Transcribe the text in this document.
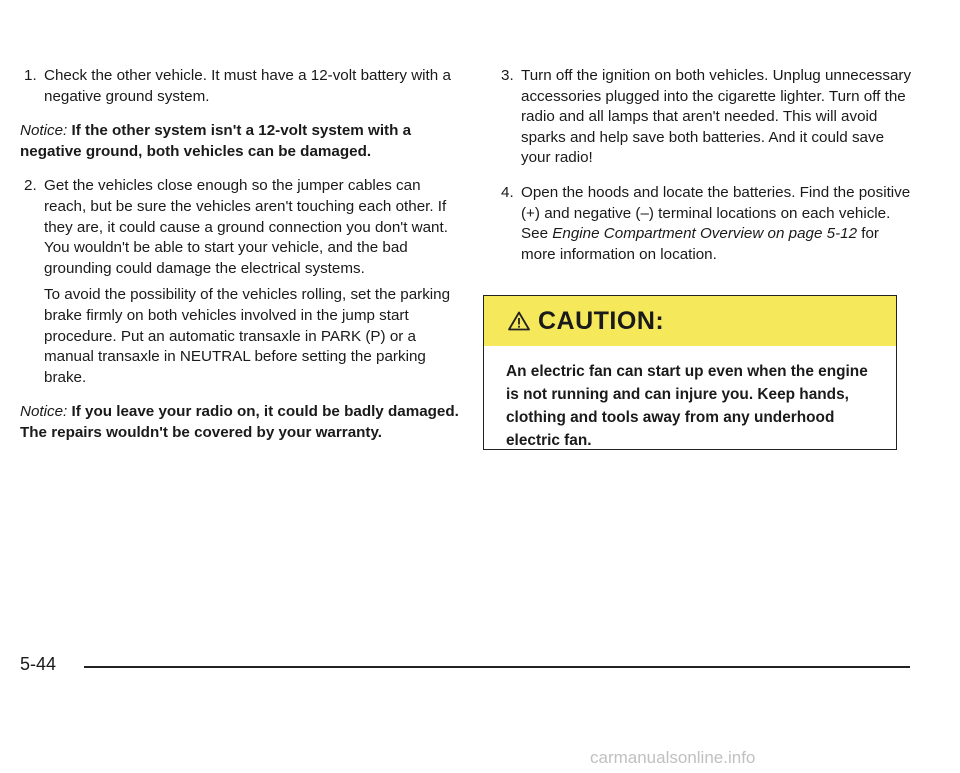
1. Check the other vehicle. It must have a 12-volt battery with a negative ground system.

Notice: If the other system isn't a 12-volt system with a negative ground, both vehicles can be damaged.

2. Get the vehicles close enough so the jumper cables can reach, but be sure the vehicles aren't touching each other. If they are, it could cause a ground connection you don't want. You wouldn't be able to start your vehicle, and the bad grounding could damage the electrical systems.
To avoid the possibility of the vehicles rolling, set the parking brake firmly on both vehicles involved in the jump start procedure. Put an automatic transaxle in PARK (P) or a manual transaxle in NEUTRAL before setting the parking brake.

Notice: If you leave your radio on, it could be badly damaged. The repairs wouldn't be covered by your warranty.

3. Turn off the ignition on both vehicles. Unplug unnecessary accessories plugged into the cigarette lighter. Turn off the radio and all lamps that aren't needed. This will avoid sparks and help save both batteries. And it could save your radio!
4. Open the hoods and locate the batteries. Find the positive (+) and negative (–) terminal locations on each vehicle. See Engine Compartment Overview on page 5-12 for more information on location.
CAUTION:
An electric fan can start up even when the engine is not running and can injure you. Keep hands, clothing and tools away from any underhood electric fan.
5-44
carmanualsonline.info
